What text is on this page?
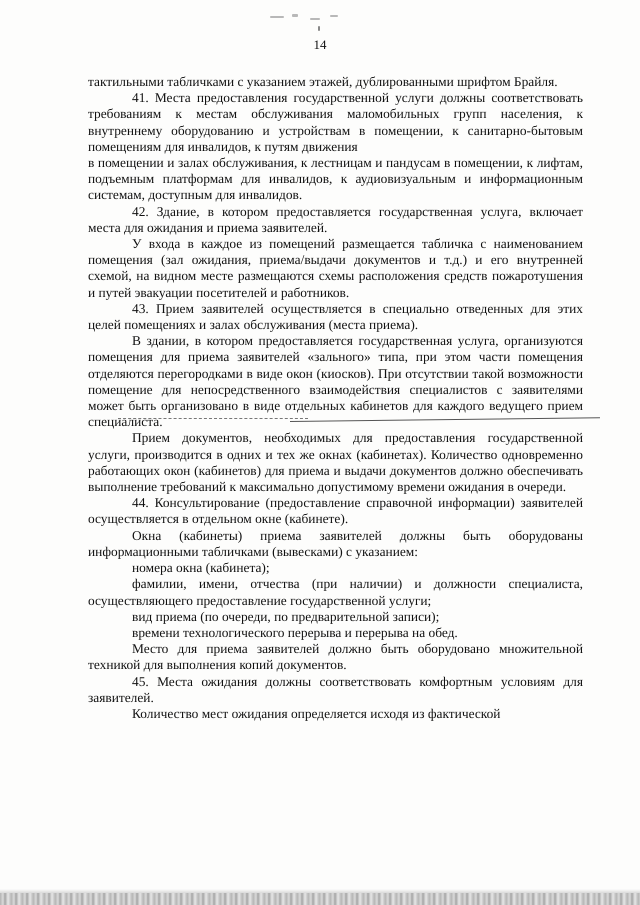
14

тактильными табличками с указанием этажей, дублированными шрифтом Брайля.

41. Места предоставления государственной услуги должны соответствовать требованиям к местам обслуживания маломобильных групп населения, к внутреннему оборудованию и устройствам в помещении, к санитарно-бытовым помещениям для инвалидов, к путям движения

в помещении и залах обслуживания, к лестницам и пандусам в помещении, к лифтам, подъемным платформам для инвалидов, к аудиовизуальным и информационным системам, доступным для инвалидов.

42. Здание, в котором предоставляется государственная услуга, включает места для ожидания и приема заявителей.

У входа в каждое из помещений размещается табличка с наименованием помещения (зал ожидания, приема/выдачи документов и т.д.) и его внутренней схемой, на видном месте размещаются схемы расположения средств пожаротушения и путей эвакуации посетителей и работников.

43. Прием заявителей осуществляется в специально отведенных для этих целей помещениях и залах обслуживания (места приема).

В здании, в котором предоставляется государственная услуга, организуются помещения для приема заявителей «зального» типа, при этом части помещения отделяются перегородками в виде окон (киосков). При отсутствии такой возможности помещение для непосредственного взаимодействия специалистов с заявителями может быть организовано в виде отдельных кабинетов для каждого ведущего прием специалиста.

Прием документов, необходимых для предоставления государственной услуги, производится в одних и тех же окнах (кабинетах). Количество одновременно работающих окон (кабинетов) для приема и выдачи документов должно обеспечивать выполнение требований к максимально допустимому времени ожидания в очереди.

44. Консультирование (предоставление справочной информации) заявителей осуществляется в отдельном окне (кабинете).

Окна (кабинеты) приема заявителей должны быть оборудованы информационными табличками (вывесками) с указанием:

номера окна (кабинета);

фамилии, имени, отчества (при наличии) и должности специалиста, осуществляющего предоставление государственной услуги;

вид приема (по очереди, по предварительной записи);

времени технологического перерыва и перерыва на обед.

Место для приема заявителей должно быть оборудовано множительной техникой для выполнения копий документов.

45. Места ожидания должны соответствовать комфортным условиям для заявителей.

Количество мест ожидания определяется исходя из фактической
